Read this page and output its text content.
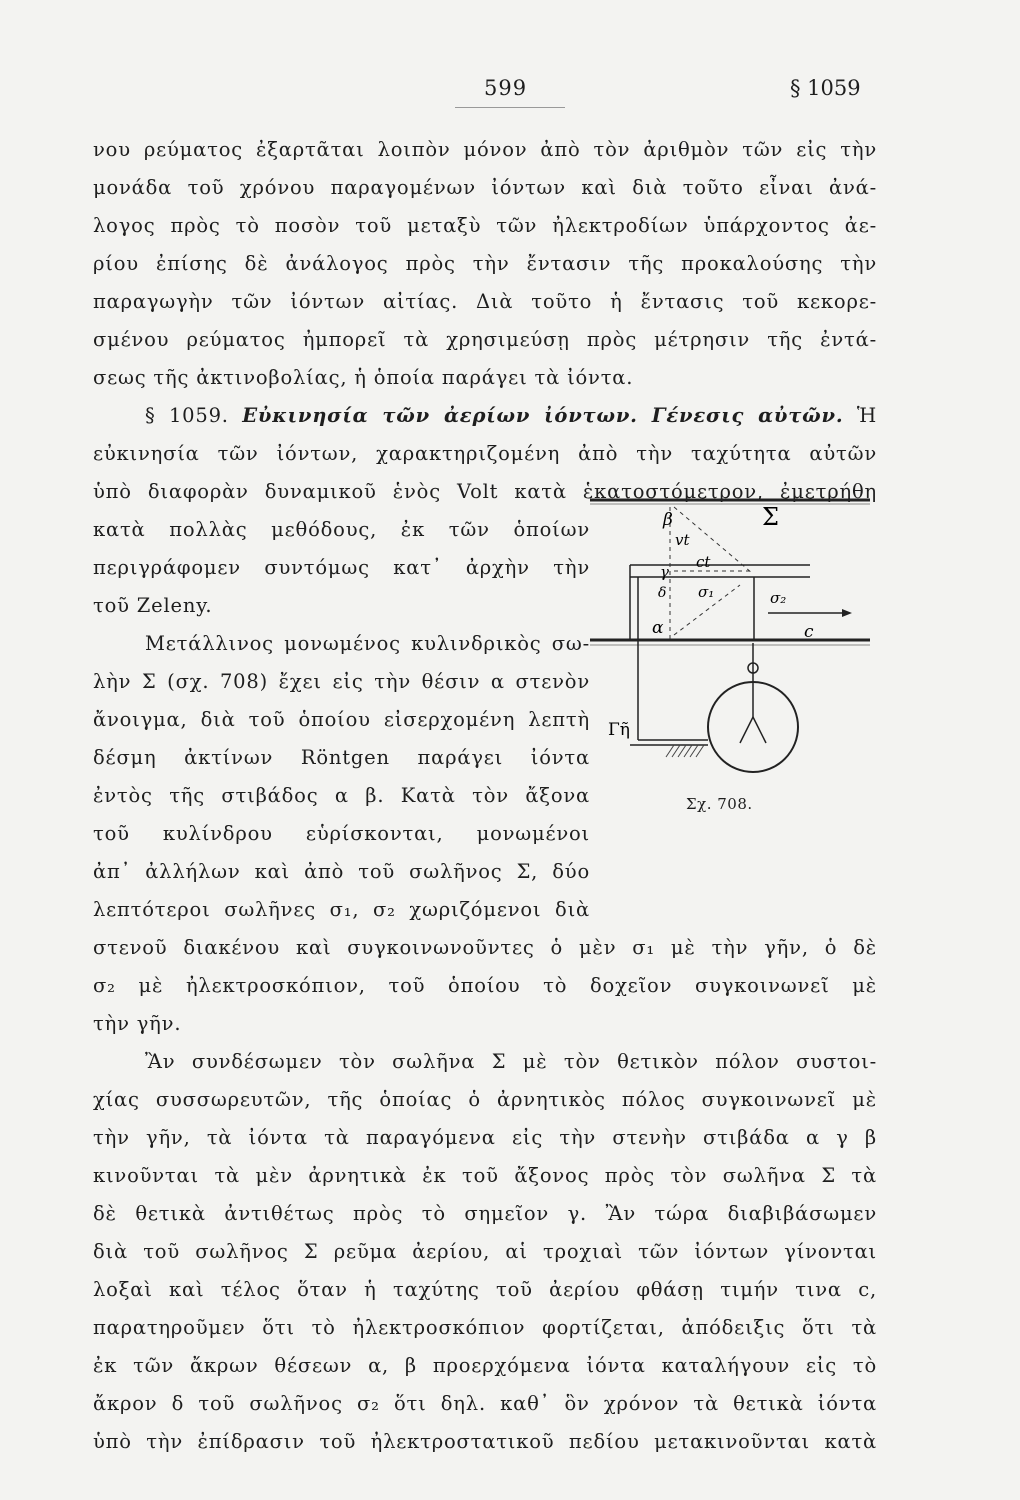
599	§ 1059
νου ρεύματος ἐξαρτᾶται λοιπὸν μόνον ἀπὸ τὸν ἀριθμὸν τῶν εἰς τὴν
μονάδα τοῦ χρόνου παραγομένων ἰόντων καὶ διὰ τοῦτο εἶναι ἀνά-
λογος πρὸς τὸ ποσὸν τοῦ μεταξὺ τῶν ἠλεκτροδίων ὑπάρχοντος ἀε-
ρίου ἐπίσης δὲ ἀνάλογος πρὸς τὴν ἔντασιν τῆς προκαλούσης τὴν
παραγωγὴν τῶν ἰόντων αἰτίας. Διὰ τοῦτο ἡ ἔντασις τοῦ κεκορε-
σμένου ρεύματος ἠμπορεῖ τὰ χρησιμεύσῃ πρὸς μέτρησιν τῆς ἐντά-
σεως τῆς ἀκτινοβολίας, ἡ ὁποία παράγει τὰ ἰόντα.
§ 1059. Εὐκινησία τῶν ἀερίων ἰόντων. Γένεσις αὐτῶν. Ἡ
εὐκινησία τῶν ἰόντων, χαρακτηριζομένη ἀπὸ τὴν ταχύτητα αὐτῶν
ὑπὸ διαφορὰν δυναμικοῦ ἑνὸς Volt κατὰ ἑκατοστόμετρον, ἐμετρήθη
κατὰ πολλὰς μεθόδους, ἐκ τῶν ὁποίων
περιγράφομεν συντόμως κατ᾽ ἀρχὴν τὴν
τοῦ Zeleny.
Μετάλλινος μονωμένος κυλινδρικὸς σω-
λὴν Σ (σχ. 708) ἔχει εἰς τὴν θέσιν α στενὸν
ἄνοιγμα, διὰ τοῦ ὁποίου εἰσερχομένη λεπτὴ
δέσμη ἀκτίνων Röntgen παράγει ἰόντα
ἐντὸς τῆς στιβάδος α β. Κατὰ τὸν ἄξονα
τοῦ κυλίνδρου εὑρίσκονται, μονωμένοι
ἀπ᾽ ἀλλήλων καὶ ἀπὸ τοῦ σωλῆνος Σ, δύο
λεπτότεροι σωλῆνες σ₁, σ₂ χωριζόμενοι διὰ
στενοῦ διακένου καὶ συγκοινωνοῦντες ὁ μὲν σ₁ μὲ τὴν γῆν, ὁ δὲ
σ₂ μὲ ἠλεκτροσκόπιον, τοῦ ὁποίου τὸ δοχεῖον συγκοινωνεῖ μὲ
τὴν γῆν.
Ἂν συνδέσωμεν τὸν σωλῆνα Σ μὲ τὸν θετικὸν πόλον συστοι-
χίας συσσωρευτῶν, τῆς ὁποίας ὁ ἀρνητικὸς πόλος συγκοινωνεῖ μὲ
τὴν γῆν, τὰ ἰόντα τὰ παραγόμενα εἰς τὴν στενὴν στιβάδα α γ β
κινοῦνται τὰ μὲν ἀρνητικὰ ἐκ τοῦ ἄξονος πρὸς τὸν σωλῆνα Σ τὰ
δὲ θετικὰ ἀντιθέτως πρὸς τὸ σημεῖον γ. Ἂν τώρα διαβιβάσωμεν
διὰ τοῦ σωλῆνος Σ ρεῦμα ἀερίου, αἱ τροχιαὶ τῶν ἰόντων γίνονται
λοξαὶ καὶ τέλος ὅταν ἡ ταχύτης τοῦ ἀερίου φθάσῃ τιμήν τινα c,
παρατηροῦμεν ὅτι τὸ ἠλεκτροσκόπιον φορτίζεται, ἀπόδειξις ὅτι τὰ
ἐκ τῶν ἄκρων θέσεων α, β προερχόμενα ἰόντα καταλήγουν εἰς τὸ
ἄκρον δ τοῦ σωλῆνος σ₂ ὅτι δηλ. καθ᾽ ὃν χρόνον τὰ θετικὰ ἰόντα
ὑπὸ τὴν ἐπίδρασιν τοῦ ἠλεκτροστατικοῦ πεδίου μετακινοῦνται κατὰ
β	Σ
vt
ct
γ
δ σ₁	σ₂
c
α
Γῆ
Σχ. 708.
